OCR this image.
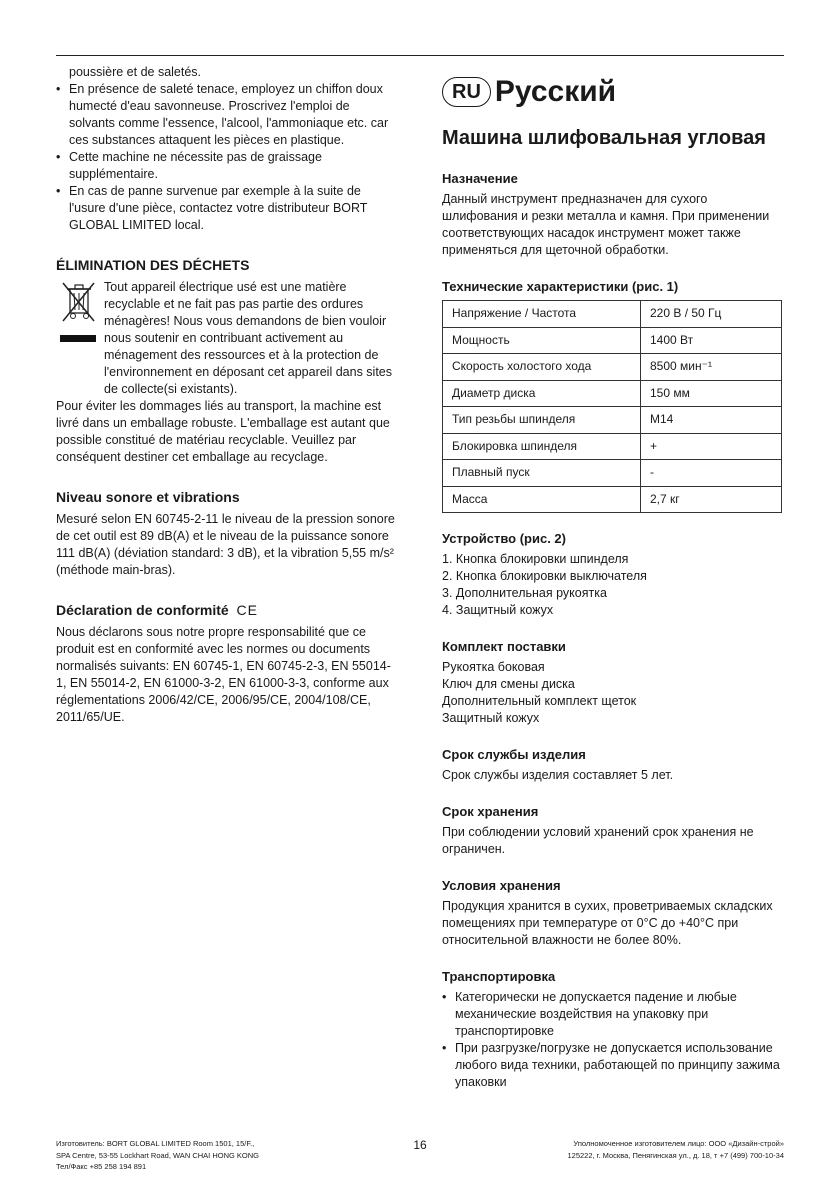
poussière et de saletés.

• En présence de saleté tenace, employez un chiffon doux humecté d'eau savonneuse. Proscrivez l'emploi de solvants comme l'essence, l'alcool, l'ammoniaque etc. car ces substances attaquent les pièces en plastique.

• Cette machine ne nécessite pas de graissage supplémentaire.

• En cas de panne survenue par exemple à la suite de l'usure d'une pièce, contactez votre distributeur BORT GLOBAL LIMITED local.

ÉLIMINATION DES DÉCHETS

Tout appareil électrique usé est une matière recyclable et ne fait pas pas partie des ordures ménagères! Nous vous demandons de bien vouloir nous soutenir en contribuant activement au ménagement des ressources et à la protection de l'environnement en déposant cet appareil dans sites de collecte(si existants).

Pour éviter les dommages liés au transport, la machine est livré dans un emballage robuste. L'emballage est autant que possible constitué de matériau recyclable. Veuillez par conséquent destiner cet emballage au recyclage.

Niveau sonore et vibrations

Mesuré selon EN 60745-2-11 le niveau de la pression sonore de cet outil est 89 dB(A) et le niveau de la puissance sonore 111 dB(A) (déviation standard: 3 dB), et la vibration 5,55 m/s² (méthode main-bras).

Déclaration de conformité CE

Nous déclarons sous notre propre responsabilité que ce produit est en conformité avec les normes ou documents normalisés suivants: EN 60745-1, EN 60745-2-3, EN 55014-1, EN 55014-2, EN 61000-3-2, EN 61000-3-3, conforme aux réglementations 2006/42/CE, 2006/95/CE, 2004/108/CE, 2011/65/UE.

RU Русский
Машина шлифовальная угловая
Назначение

Данный инструмент предназначен для сухого шлифования и резки металла и камня. При применении соответствующих насадок инструмент может также применяться для щеточной обработки.

Технические характеристики (рис. 1)
Напряжение / Частота	220 В / 50 Гц
Мощность	1400 Вт
Скорость холостого хода	8500 мин⁻¹
Диаметр диска	150 мм
Тип резьбы шпинделя	M14
Блокировка шпинделя	+
Плавный пуск	-
Масса	2,7 кг
Устройство (рис. 2)

1. Кнопка блокировки шпинделя

2. Кнопка блокировки выключателя

3. Дополнительная рукоятка

4. Защитный кожух

Комплект поставки

Рукоятка боковая

Ключ для смены диска

Дополнительный комплект щеток

Защитный кожух

Срок службы изделия

Срок службы изделия составляет 5 лет.

Срок хранения

При соблюдении условий хранений срок хранения не ограничен.

Условия хранения

Продукция хранится в сухих, проветриваемых складских помещениях при температуре от 0°С до +40°С при относительной влажности не более 80%.

Транспортировка

• Категорически не допускается падение и любые механические воздействия на упаковку при транспортировке

• При разгрузке/погрузке не допускается использование любого вида техники, работающей по принципу зажима упаковки

Изготовитель: BORT GLOBAL LIMITED Room 1501, 15/F.,
SPA Centre, 53-55 Lockhart Road, WAN CHAI HONG KONG
Тел/Факс +85 258 194 891
16	Уполномоченное изготовителем лицо: ООО «Дизайн-строй»
125222, г. Москва, Пенягинская ул., д. 18, т +7 (499) 700-10-34
